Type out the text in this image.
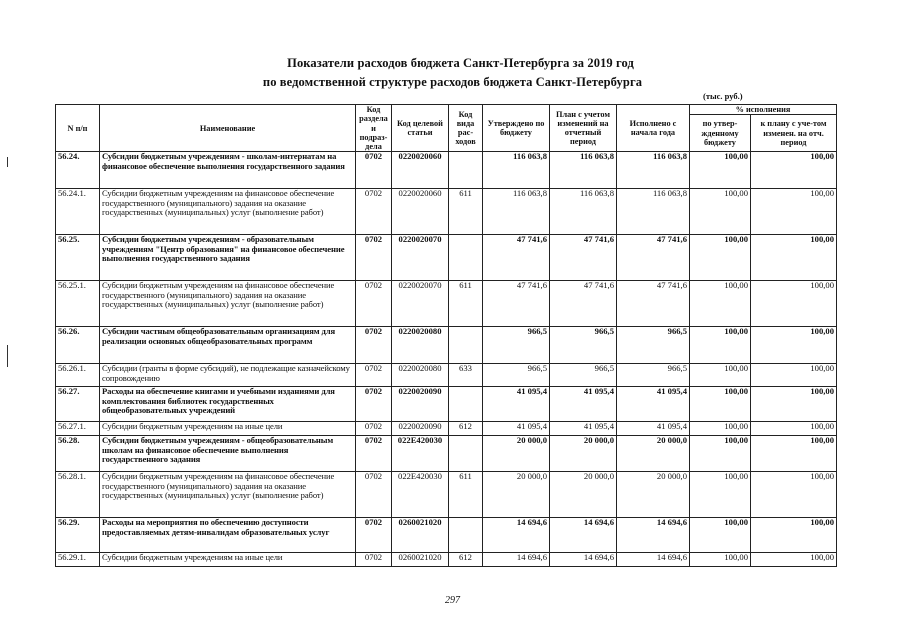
Показатели расходов бюджета Санкт-Петербурга за 2019 год
по ведомственной структуре расходов бюджета Санкт-Петербурга
(тыс. руб.)
N п/п	Наименование	Код раздела и подраз-дела	Код целевой статьи	Код вида рас-ходов	Утверждено по бюджету	План с учетом изменений на отчетный период	Исполнено с начала года	% исполнения	
								по утвер-жденному бюджету	к плану с уче-том изменен. на отч. период
56.24.	Субсидии бюджетным учреждениям - школам-интернатам на финансовое обеспечение выполнения государственного задания	0702	0220020060		116 063,8	116 063,8	116 063,8	100,00	100,00
56.24.1.	Субсидии бюджетным учреждениям на финансовое обеспечение государственного (муниципального) задания на оказание государственных (муниципальных) услуг (выполнение работ)	0702	0220020060	611	116 063,8	116 063,8	116 063,8	100,00	100,00
56.25.	Субсидии бюджетным учреждениям - образовательным учреждениям "Центр образования" на финансовое обеспечение выполнения государственного задания	0702	0220020070		47 741,6	47 741,6	47 741,6	100,00	100,00
56.25.1.	Субсидии бюджетным учреждениям на финансовое обеспечение государственного (муниципального) задания на оказание государственных (муниципальных) услуг (выполнение работ)	0702	0220020070	611	47 741,6	47 741,6	47 741,6	100,00	100,00
56.26.	Субсидии частным общеобразовательным организациям для реализации основных общеобразовательных программ	0702	0220020080		966,5	966,5	966,5	100,00	100,00
56.26.1.	Субсидии (гранты в форме субсидий), не подлежащие казначейскому сопровождению	0702	0220020080	633	966,5	966,5	966,5	100,00	100,00
56.27.	Расходы на обеспечение книгами и учебными изданиями для комплектования библиотек государственных общеобразовательных учреждений	0702	0220020090		41 095,4	41 095,4	41 095,4	100,00	100,00
56.27.1.	Субсидии бюджетным учреждениям на иные цели	0702	0220020090	612	41 095,4	41 095,4	41 095,4	100,00	100,00
56.28.	Субсидии бюджетным учреждениям - общеобразовательным школам на финансовое обеспечение выполнения государственного задания	0702	022E420030		20 000,0	20 000,0	20 000,0	100,00	100,00
56.28.1.	Субсидии бюджетным учреждениям на финансовое обеспечение государственного (муниципального) задания на оказание государственных (муниципальных) услуг (выполнение работ)	0702	022E420030	611	20 000,0	20 000,0	20 000,0	100,00	100,00
56.29.	Расходы на мероприятия по обеспечению доступности предоставляемых детям-инвалидам образовательных услуг	0702	0260021020		14 694,6	14 694,6	14 694,6	100,00	100,00
56.29.1.	Субсидии бюджетным учреждениям на иные цели	0702	0260021020	612	14 694,6	14 694,6	14 694,6	100,00	100,00
297
